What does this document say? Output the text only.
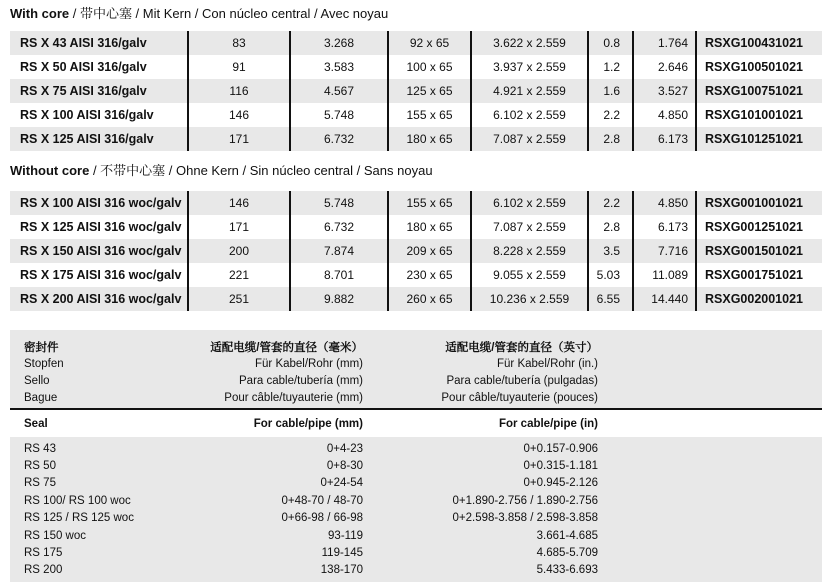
With core / 带中心塞 / Mit Kern / Con núcleo central / Avec noyau
RS X 43 AISI 316/galv	83	3.268	92 x 65	3.622 x 2.559	0.8	1.764	RSXG100431021
RS X 50 AISI 316/galv	91	3.583	100 x 65	3.937 x 2.559	1.2	2.646	RSXG100501021
RS X 75 AISI 316/galv	116	4.567	125 x 65	4.921 x 2.559	1.6	3.527	RSXG100751021
RS X 100 AISI 316/galv	146	5.748	155 x 65	6.102 x 2.559	2.2	4.850	RSXG101001021
RS X 125 AISI 316/galv	171	6.732	180 x 65	7.087 x 2.559	2.8	6.173	RSXG101251021
Without core / 不带中心塞 / Ohne Kern / Sin núcleo central / Sans noyau
RS X 100 AISI 316 woc/galv	146	5.748	155 x 65	6.102 x 2.559	2.2	4.850	RSXG001001021
RS X 125 AISI 316 woc/galv	171	6.732	180 x 65	7.087 x 2.559	2.8	6.173	RSXG001251021
RS X 150 AISI 316 woc/galv	200	7.874	209 x 65	8.228 x 2.559	3.5	7.716	RSXG001501021
RS X 175 AISI 316 woc/galv	221	8.701	230 x 65	9.055 x 2.559	5.03	11.089	RSXG001751021
RS X 200 AISI 316 woc/galv	251	9.882	260 x 65	10.236 x 2.559	6.55	14.440	RSXG002001021
密封件	适配电缆/管套的直径（毫米）	适配电缆/管套的直径（英寸）
Stopfen	Für Kabel/Rohr (mm)	Für Kabel/Rohr (in.)
Sello	Para cable/tubería (mm)	Para cable/tubería (pulgadas)
Bague	Pour câble/tuyauterie (mm)	Pour câble/tuyauterie (pouces)
Seal	For cable/pipe (mm)	For cable/pipe (in)
RS 43	0+4-23	0+0.157-0.906
RS 50	0+8-30	0+0.315-1.181
RS 75	0+24-54	0+0.945-2.126
RS 100/ RS 100 woc	0+48-70 / 48-70	0+1.890-2.756 / 1.890-2.756
RS 125 / RS 125 woc	0+66-98 / 66-98	0+2.598-3.858 / 2.598-3.858
RS 150 woc	93-119	3.661-4.685
RS 175	119-145	4.685-5.709
RS 200	138-170	5.433-6.693
